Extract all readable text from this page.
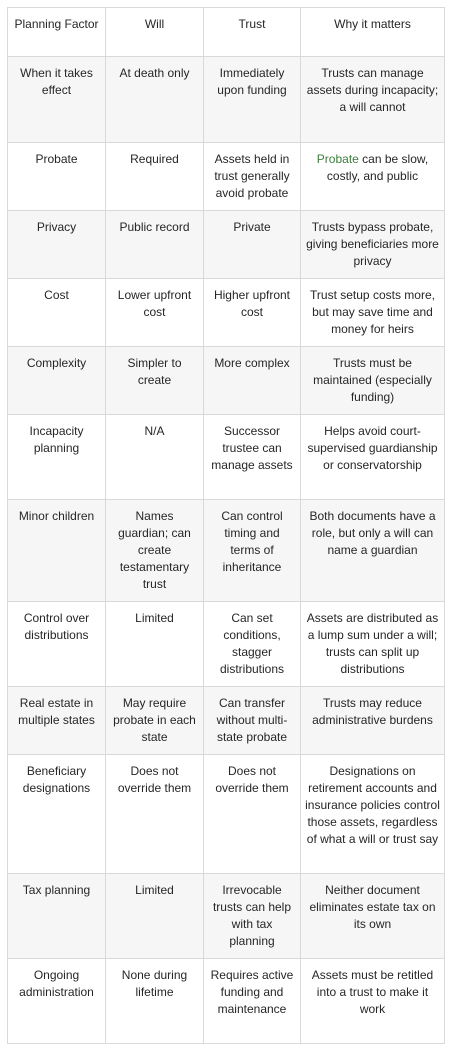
Planning Factor	Will	Trust	Why it matters
When it takes effect	At death only	Immediately upon funding	Trusts can manage assets during incapacity; a will cannot
Probate	Required	Assets held in trust generally avoid probate	Probate can be slow, costly, and public
Privacy	Public record	Private	Trusts bypass probate, giving beneficiaries more privacy
Cost	Lower upfront cost	Higher upfront cost	Trust setup costs more, but may save time and money for heirs
Complexity	Simpler to create	More complex	Trusts must be maintained (especially funding)
Incapacity planning	N/A	Successor trustee can manage assets	Helps avoid court-supervised guardianship or conservatorship
Minor children	Names guardian; can create testamentary trust	Can control timing and terms of inheritance	Both documents have a role, but only a will can name a guardian
Control over distributions	Limited	Can set conditions, stagger distributions	Assets are distributed as a lump sum under a will; trusts can split up distributions
Real estate in multiple states	May require probate in each state	Can transfer without multi-state probate	Trusts may reduce administrative burdens
Beneficiary designations	Does not override them	Does not override them	Designations on retirement accounts and insurance policies control those assets, regardless of what a will or trust say
Tax planning	Limited	Irrevocable trusts can help with tax planning	Neither document eliminates estate tax on its own
Ongoing administration	None during lifetime	Requires active funding and maintenance	Assets must be retitled into a trust to make it work
